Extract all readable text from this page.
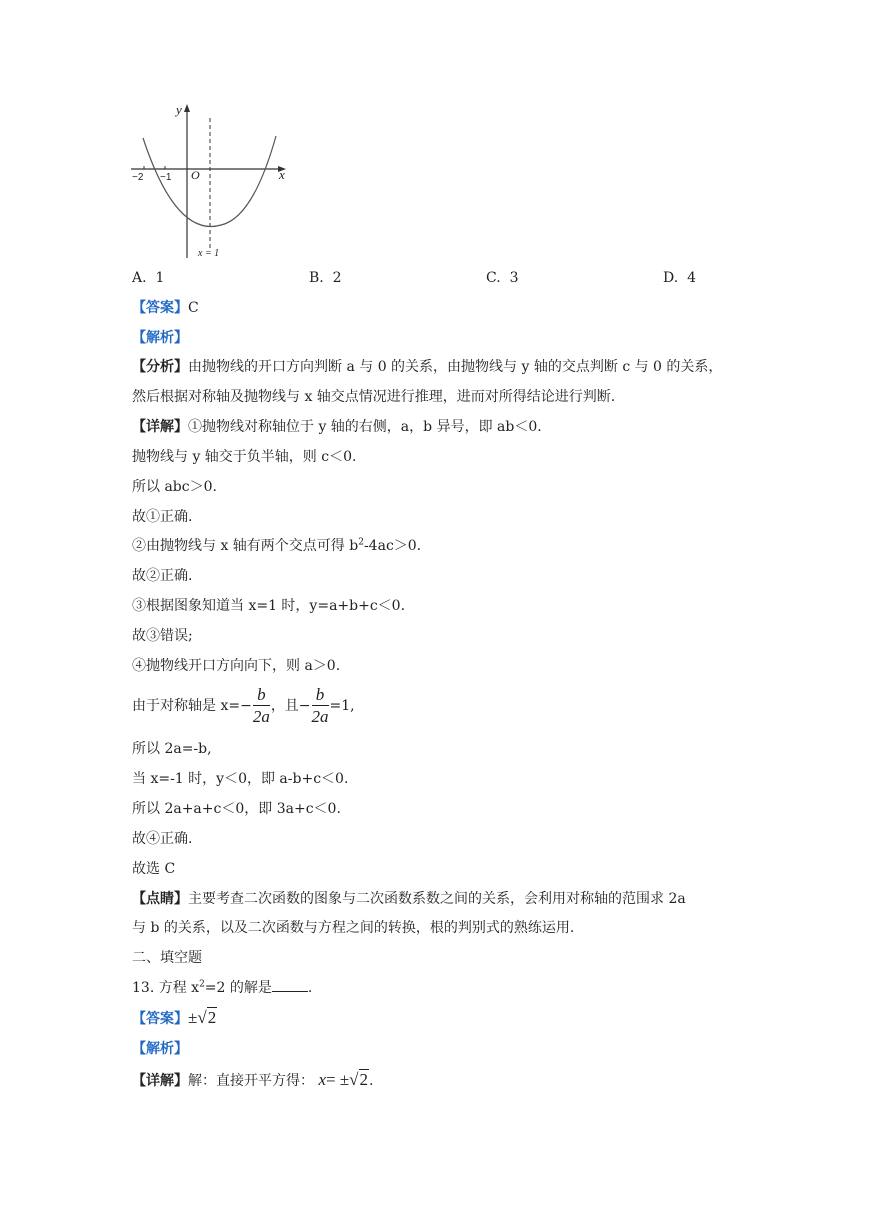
y
x
O
−2 −1
x = 1
A. 1	B. 2	C. 3	D. 4
【答案】C
【解析】
【分析】由抛物线的开口方向判断 a 与 0 的关系，由抛物线与 y 轴的交点判断 c 与 0 的关系，
然后根据对称轴及抛物线与 x 轴交点情况进行推理，进而对所得结论进行判断.
【详解】①抛物线对称轴位于 y 轴的右侧，a，b 异号，即 ab＜0.
抛物线与 y 轴交于负半轴，则 c＜0.
所以 abc＞0.
故①正确.
②由抛物线与 x 轴有两个交点可得 $b^2-4ac>0$.
故②正确.
③根据图象知道当 x=1 时，y=a+b+c＜0.
故③错误;
④抛物线开口方向向下，则 a＞0.
由于对称轴是 $x=- \frac{b}{2a}$ ，且− $\frac{b}{2a} =1$,
所以 2a=-b,
当 x=-1 时，y＜0，即 a-b+c＜0.
所以 2a+a+c＜0，即 3a+c＜0.
故④正确.
故选 C
【点睛】主要考查二次函数的图象与二次函数系数之间的关系，会利用对称轴的范围求 2a
与 b 的关系，以及二次函数与方程之间的转换，根的判别式的熟练运用.
二、填空题
13. 方程 $x^2=2$ 的解是	.
【答案】±√2
【解析】
【详解】解：直接开平方得： x= ±√2.
